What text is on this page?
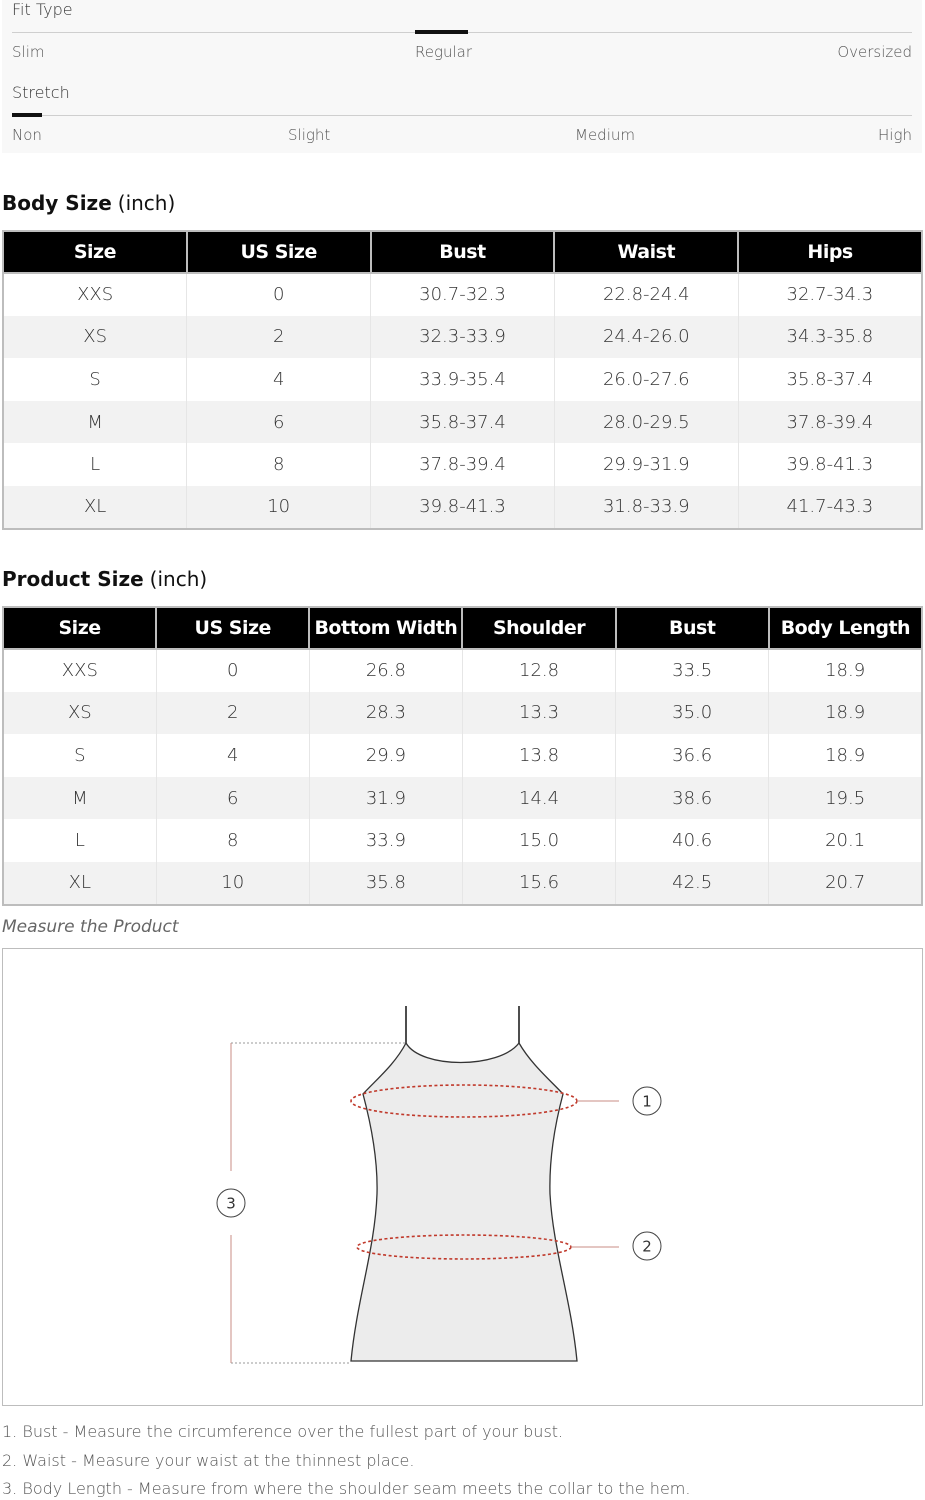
Fit Type
Slim	Regular	Oversized
Stretch
Non	Slight	Medium	High
Body Size (inch)
Size	US Size	Bust	Waist	Hips
XXS	0	30.7-32.3	22.8-24.4	32.7-34.3
XS	2	32.3-33.9	24.4-26.0	34.3-35.8
S	4	33.9-35.4	26.0-27.6	35.8-37.4
M	6	35.8-37.4	28.0-29.5	37.8-39.4
L	8	37.8-39.4	29.9-31.9	39.8-41.3
XL	10	39.8-41.3	31.8-33.9	41.7-43.3
Product Size (inch)
Size	US Size	Bottom Width	Shoulder	Bust	Body Length
XXS	0	26.8	12.8	33.5	18.9
XS	2	28.3	13.3	35.0	18.9
S	4	29.9	13.8	36.6	18.9
M	6	31.9	14.4	38.6	19.5
L	8	33.9	15.0	40.6	20.1
XL	10	35.8	15.6	42.5	20.7
Measure the Product
1
2
3
1. Bust - Measure the circumference over the fullest part of your bust.
2. Waist - Measure your waist at the thinnest place.
3. Body Length - Measure from where the shoulder seam meets the collar to the hem.
